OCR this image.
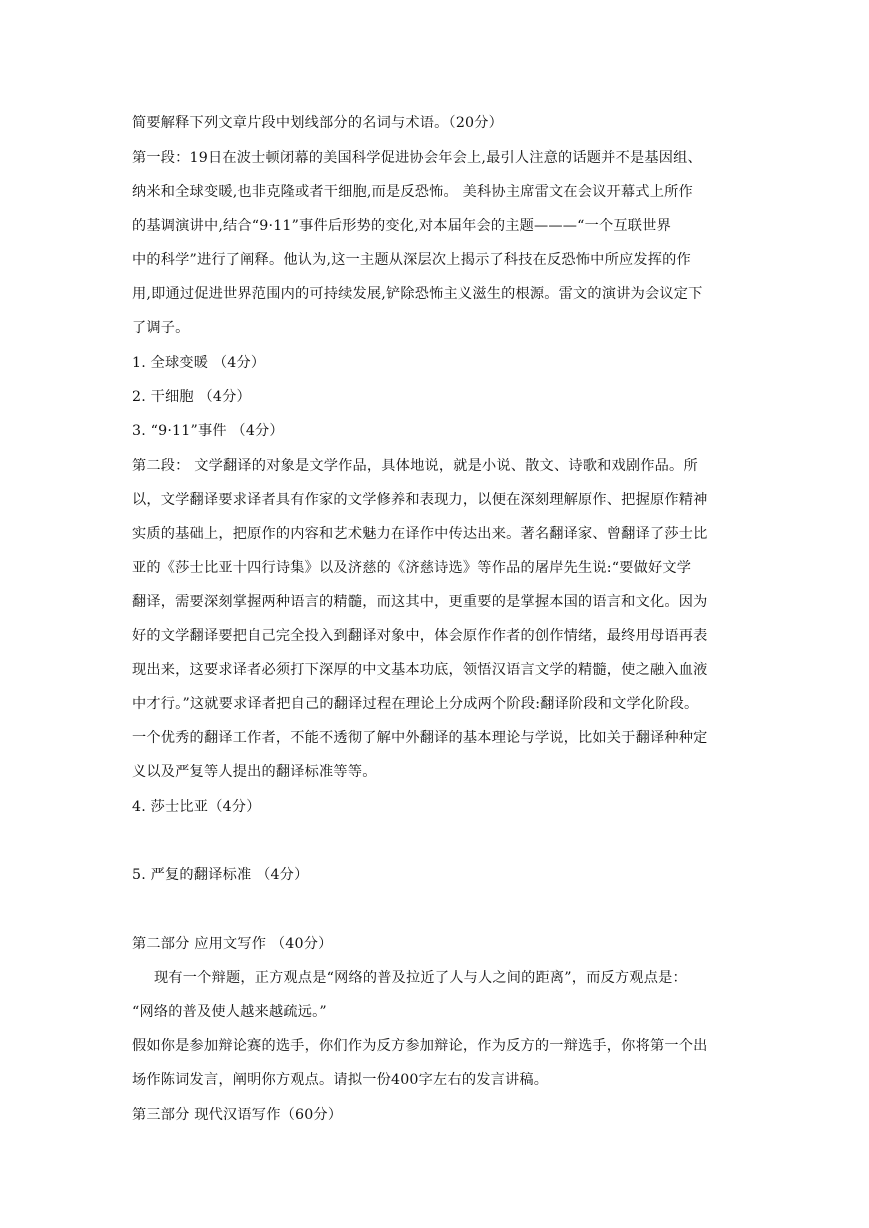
简要解释下列文章片段中划线部分的名词与术语。（20分）
第一段：19日在波士顿闭幕的美国科学促进协会年会上,最引人注意的话题并不是基因组、
纳米和全球变暖,也非克隆或者干细胞,而是反恐怖。 美科协主席雷文在会议开幕式上所作
的基调演讲中,结合“9·11”事件后形势的变化,对本届年会的主题———“一个互联世界
中的科学”进行了阐释。他认为,这一主题从深层次上揭示了科技在反恐怖中所应发挥的作
用,即通过促进世界范围内的可持续发展,铲除恐怖主义滋生的根源。雷文的演讲为会议定下
了调子。
1. 全球变暖 （4分）
2. 干细胞 （4分）
3. “9·11”事件 （4分）
第二段： 文学翻译的对象是文学作品，具体地说，就是小说、散文、诗歌和戏剧作品。所
以，文学翻译要求译者具有作家的文学修养和表现力，以便在深刻理解原作、把握原作精神
实质的基础上，把原作的内容和艺术魅力在译作中传达出来。著名翻译家、曾翻译了莎士比
亚的《莎士比亚十四行诗集》以及济慈的《济慈诗选》等作品的屠岸先生说:“要做好文学
翻译，需要深刻掌握两种语言的精髓，而这其中，更重要的是掌握本国的语言和文化。因为
好的文学翻译要把自己完全投入到翻译对象中，体会原作作者的创作情绪，最终用母语再表
现出来，这要求译者必须打下深厚的中文基本功底，领悟汉语言文学的精髓，使之融入血液
中才行。”这就要求译者把自己的翻译过程在理论上分成两个阶段:翻译阶段和文学化阶段。
一个优秀的翻译工作者，不能不透彻了解中外翻译的基本理论与学说，比如关于翻译种种定
义以及严复等人提出的翻译标准等等。
4. 莎士比亚（4分）
5. 严复的翻译标准 （4分）
第二部分 应用文写作 （40分）
现有一个辩题，正方观点是“网络的普及拉近了人与人之间的距离”，而反方观点是：
“网络的普及使人越来越疏远。”
假如你是参加辩论赛的选手，你们作为反方参加辩论，作为反方的一辩选手，你将第一个出
场作陈词发言，阐明你方观点。请拟一份400字左右的发言讲稿。
第三部分 现代汉语写作（60分）
